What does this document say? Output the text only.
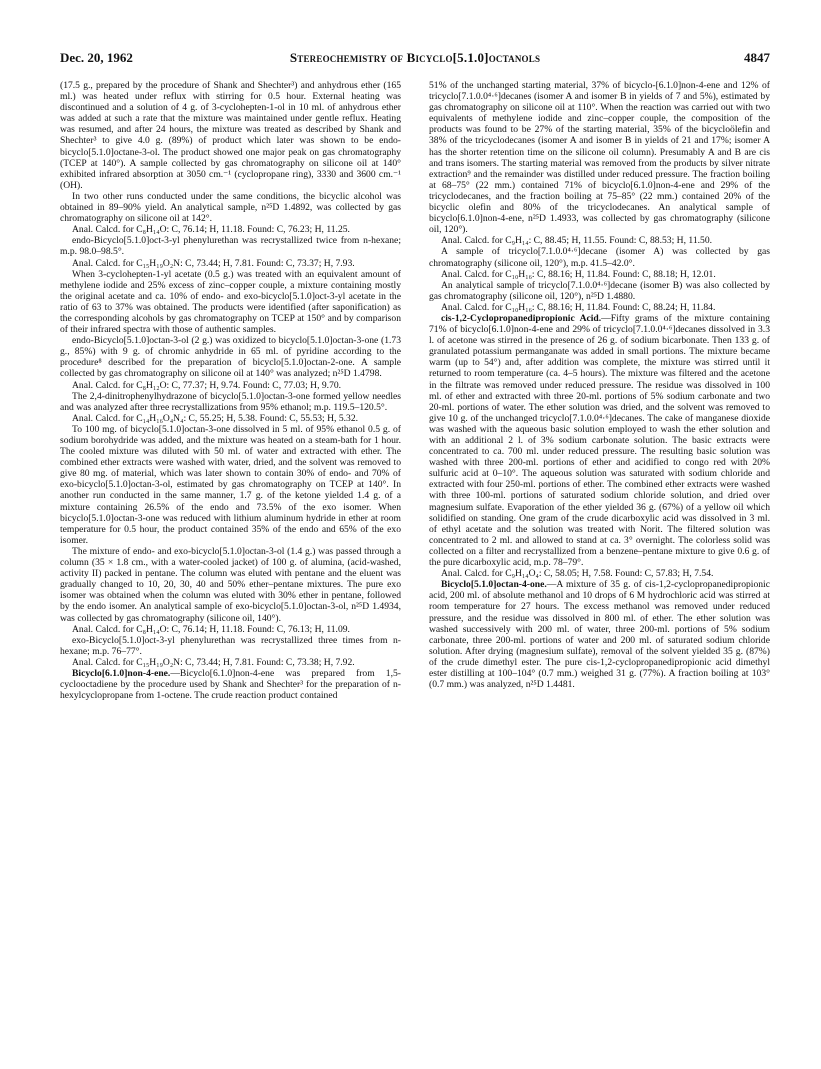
Dec. 20, 1962	Stereochemistry of Bicyclo[5.1.0]octanols	4847

(17.5 g., prepared by the procedure of Shank and Shechter³) and anhydrous ether (165 ml.) was heated under reflux with stirring for 0.5 hour. External heating was discontinued and a solution of 4 g. of 3-cyclohepten-1-ol in 10 ml. of anhydrous ether was added at such a rate that the mixture was maintained under gentle reflux. Heating was resumed, and after 24 hours, the mixture was treated as described by Shank and Shechter³ to give 4.0 g. (89%) of product which later was shown to be endo-bicyclo[5.1.0]octane-3-ol. The product showed one major peak on gas chromatography (TCEP at 140°). A sample collected by gas chromatography on silicone oil at 140° exhibited infrared absorption at 3050 cm.⁻¹ (cyclopropane ring), 3330 and 3600 cm.⁻¹ (OH).

In two other runs conducted under the same conditions, the bicyclic alcohol was obtained in 89–90% yield. An analytical sample, n²⁵D 1.4892, was collected by gas chromatography on silicone oil at 142°.

Anal. Calcd. for C₈H₁₄O: C, 76.14; H, 11.18. Found: C, 76.23; H, 11.25.

endo-Bicyclo[5.1.0]oct-3-yl phenylurethan was recrystallized twice from n-hexane; m.p. 98.0–98.5°.

Anal. Calcd. for C₁₅H₁₉O₂N: C, 73.44; H, 7.81. Found: C, 73.37; H, 7.93.

When 3-cyclohepten-1-yl acetate (0.5 g.) was treated with an equivalent amount of methylene iodide and 25% excess of zinc–copper couple, a mixture containing mostly the original acetate and ca. 10% of endo- and exo-bicyclo[5.1.0]oct-3-yl acetate in the ratio of 63 to 37% was obtained. The products were identified (after saponification) as the corresponding alcohols by gas chromatography on TCEP at 150° and by comparison of their infrared spectra with those of authentic samples.

endo-Bicyclo[5.1.0]octan-3-ol (2 g.) was oxidized to bicyclo[5.1.0]octan-3-one (1.73 g., 85%) with 9 g. of chromic anhydride in 65 ml. of pyridine according to the procedure⁸ described for the preparation of bicyclo[5.1.0]octan-2-one. A sample collected by gas chromatography on silicone oil at 140° was analyzed; n²⁵D 1.4798.

Anal. Calcd. for C₈H₁₂O: C, 77.37; H, 9.74. Found: C, 77.03; H, 9.70.

The 2,4-dinitrophenylhydrazone of bicyclo[5.1.0]octan-3-one formed yellow needles and was analyzed after three recrystallizations from 95% ethanol; m.p. 119.5–120.5°.

Anal. Calcd. for C₁₄H₁₆O₄N₄: C, 55.25; H, 5.38. Found: C, 55.53; H, 5.32.

To 100 mg. of bicyclo[5.1.0]octan-3-one dissolved in 5 ml. of 95% ethanol 0.5 g. of sodium borohydride was added, and the mixture was heated on a steam-bath for 1 hour. The cooled mixture was diluted with 50 ml. of water and extracted with ether. The combined ether extracts were washed with water, dried, and the solvent was removed to give 80 mg. of material, which was later shown to contain 30% of endo- and 70% of exo-bicyclo[5.1.0]octan-3-ol, estimated by gas chromatography on TCEP at 140°. In another run conducted in the same manner, 1.7 g. of the ketone yielded 1.4 g. of a mixture containing 26.5% of the endo and 73.5% of the exo isomer. When bicyclo[5.1.0]octan-3-one was reduced with lithium aluminum hydride in ether at room temperature for 0.5 hour, the product contained 35% of the endo and 65% of the exo isomer.

The mixture of endo- and exo-bicyclo[5.1.0]octan-3-ol (1.4 g.) was passed through a column (35 × 1.8 cm., with a water-cooled jacket) of 100 g. of alumina, (acid-washed, activity II) packed in pentane. The column was eluted with pentane and the eluent was gradually changed to 10, 20, 30, 40 and 50% ether–pentane mixtures. The pure exo isomer was obtained when the column was eluted with 30% ether in pentane, followed by the endo isomer. An analytical sample of exo-bicyclo[5.1.0]octan-3-ol, n²⁵D 1.4934, was collected by gas chromatography (silicone oil, 140°).

Anal. Calcd. for C₈H₁₄O: C, 76.14; H, 11.18. Found: C, 76.13; H, 11.09.

exo-Bicyclo[5.1.0]oct-3-yl phenylurethan was recrystallized three times from n-hexane; m.p. 76–77°.

Anal. Calcd. for C₁₅H₁₉O₂N: C, 73.44; H, 7.81. Found: C, 73.38; H, 7.92.

Bicyclo[6.1.0]non-4-ene.—Bicyclo[6.1.0]non-4-ene was prepared from 1,5-cyclooctadiene by the procedure used by Shank and Shechter³ for the preparation of n-hexylcyclopropane from 1-octene. The crude reaction product contained

51% of the unchanged starting material, 37% of bicyclo-[6.1.0]non-4-ene and 12% of tricyclo[7.1.0.0⁴·⁶]decanes (isomer A and isomer B in yields of 7 and 5%), estimated by gas chromatography on silicone oil at 110°. When the reaction was carried out with two equivalents of methylene iodide and zinc–copper couple, the composition of the products was found to be 27% of the starting material, 35% of the bicycloölefin and 38% of the tricyclodecanes (isomer A and isomer B in yields of 21 and 17%; isomer A has the shorter retention time on the silicone oil column). Presumably A and B are cis and trans isomers. The starting material was removed from the products by silver nitrate extraction⁹ and the remainder was distilled under reduced pressure. The fraction boiling at 68–75° (22 mm.) contained 71% of bicyclo[6.1.0]non-4-ene and 29% of the tricyclodecanes, and the fraction boiling at 75–85° (22 mm.) contained 20% of the bicyclic olefin and 80% of the tricyclodecanes. An analytical sample of bicyclo[6.1.0]non-4-ene, n²⁵D 1.4933, was collected by gas chromatography (silicone oil, 120°).

Anal. Calcd. for C₉H₁₄: C, 88.45; H, 11.55. Found: C, 88.53; H, 11.50.

A sample of tricyclo[7.1.0.0⁴·⁶]decane (isomer A) was collected by gas chromatography (silicone oil, 120°), m.p. 41.5–42.0°.

Anal. Calcd. for C₁₀H₁₆: C, 88.16; H, 11.84. Found: C, 88.18; H, 12.01.

An analytical sample of tricyclo[7.1.0.0⁴·⁶]decane (isomer B) was also collected by gas chromatography (silicone oil, 120°), n²⁵D 1.4880.

Anal. Calcd. for C₁₀H₁₆: C, 88.16; H, 11.84. Found: C, 88.24; H, 11.84.

cis-1,2-Cyclopropanedipropionic Acid.—Fifty grams of the mixture containing 71% of bicyclo[6.1.0]non-4-ene and 29% of tricyclo[7.1.0.0⁴·⁶]decanes dissolved in 3.3 l. of acetone was stirred in the presence of 26 g. of sodium bicarbonate. Then 133 g. of granulated potassium permanganate was added in small portions. The mixture became warm (up to 54°) and, after addition was complete, the mixture was stirred until it returned to room temperature (ca. 4–5 hours). The mixture was filtered and the acetone in the filtrate was removed under reduced pressure. The residue was dissolved in 100 ml. of ether and extracted with three 20-ml. portions of 5% sodium carbonate and two 20-ml. portions of water. The ether solution was dried, and the solvent was removed to give 10 g. of the unchanged tricyclo[7.1.0.0⁴·⁶]decanes. The cake of manganese dioxide was washed with the aqueous basic solution employed to wash the ether solution and with an additional 2 l. of 3% sodium carbonate solution. The basic extracts were concentrated to ca. 700 ml. under reduced pressure. The resulting basic solution was washed with three 200-ml. portions of ether and acidified to congo red with 20% sulfuric acid at 0–10°. The aqueous solution was saturated with sodium chloride and extracted with four 250-ml. portions of ether. The combined ether extracts were washed with three 100-ml. portions of saturated sodium chloride solution, and dried over magnesium sulfate. Evaporation of the ether yielded 36 g. (67%) of a yellow oil which solidified on standing. One gram of the crude dicarboxylic acid was dissolved in 3 ml. of ethyl acetate and the solution was treated with Norit. The filtered solution was concentrated to 2 ml. and allowed to stand at ca. 3° overnight. The colorless solid was collected on a filter and recrystallized from a benzene–pentane mixture to give 0.6 g. of the pure dicarboxylic acid, m.p. 78–79°.

Anal. Calcd. for C₉H₁₄O₄: C, 58.05; H, 7.58. Found: C, 57.83; H, 7.54.

Bicyclo[5.1.0]octan-4-one.—A mixture of 35 g. of cis-1,2-cyclopropanedipropionic acid, 200 ml. of absolute methanol and 10 drops of 6 M hydrochloric acid was stirred at room temperature for 27 hours. The excess methanol was removed under reduced pressure, and the residue was dissolved in 800 ml. of ether. The ether solution was washed successively with 200 ml. of water, three 200-ml. portions of 5% sodium carbonate, three 200-ml. portions of water and 200 ml. of saturated sodium chloride solution. After drying (magnesium sulfate), removal of the solvent yielded 35 g. (87%) of the crude dimethyl ester. The pure cis-1,2-cyclopropanedipropionic acid dimethyl ester distilling at 100–104° (0.7 mm.) weighed 31 g. (77%). A fraction boiling at 103° (0.7 mm.) was analyzed, n²⁵D 1.4481.
